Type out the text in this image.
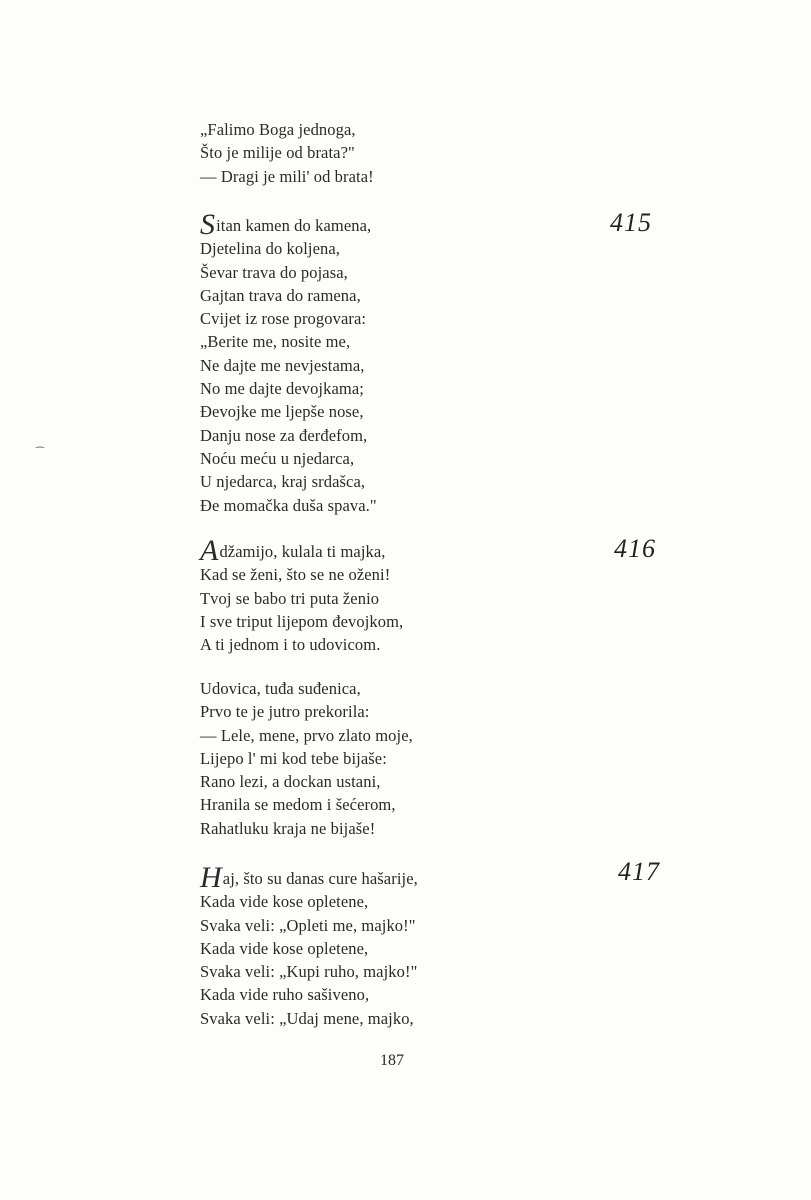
„Falimo Boga jednoga,
Što je milije od brata?"
— Dragi je mili' od brata!
415
Sitan kamen do kamena,
Djetelina do koljena,
Ševar trava do pojasa,
Gajtan trava do ramena,
Cvijet iz rose progovara:
„Berite me, nosite me,
Ne dajte me nevjestama,
No me dajte devojkama;
Đevojke me ljepše nose,
Danju nose za đerđefom,
Noću meću u njedarca,
U njedarca, kraj srdašca,
Đe momačka duša spava."
416
Adžamijo, kulala ti majka,
Kad se ženi, što se ne oženi!
Tvoj se babo tri puta ženio
I sve triput lijepom đevojkom,
A ti jednom i to udovicom.
Udovica, tuđa suđenica,
Prvo te je jutro prekorila:
— Lele, mene, prvo zlato moje,
Lijepo l' mi kod tebe bijaše:
Rano lezi, a dockan ustani,
Hranila se medom i šećerom,
Rahatluku kraja ne bijaše!
417
Haj, što su danas cure hašarije,
Kada vide kose opletene,
Svaka veli: „Opleti me, majko!"
Kada vide kose opletene,
Svaka veli: „Kupi ruho, majko!"
Kada vide ruho sašiveno,
Svaka veli: „Udaj mene, majko,
187
⁀
